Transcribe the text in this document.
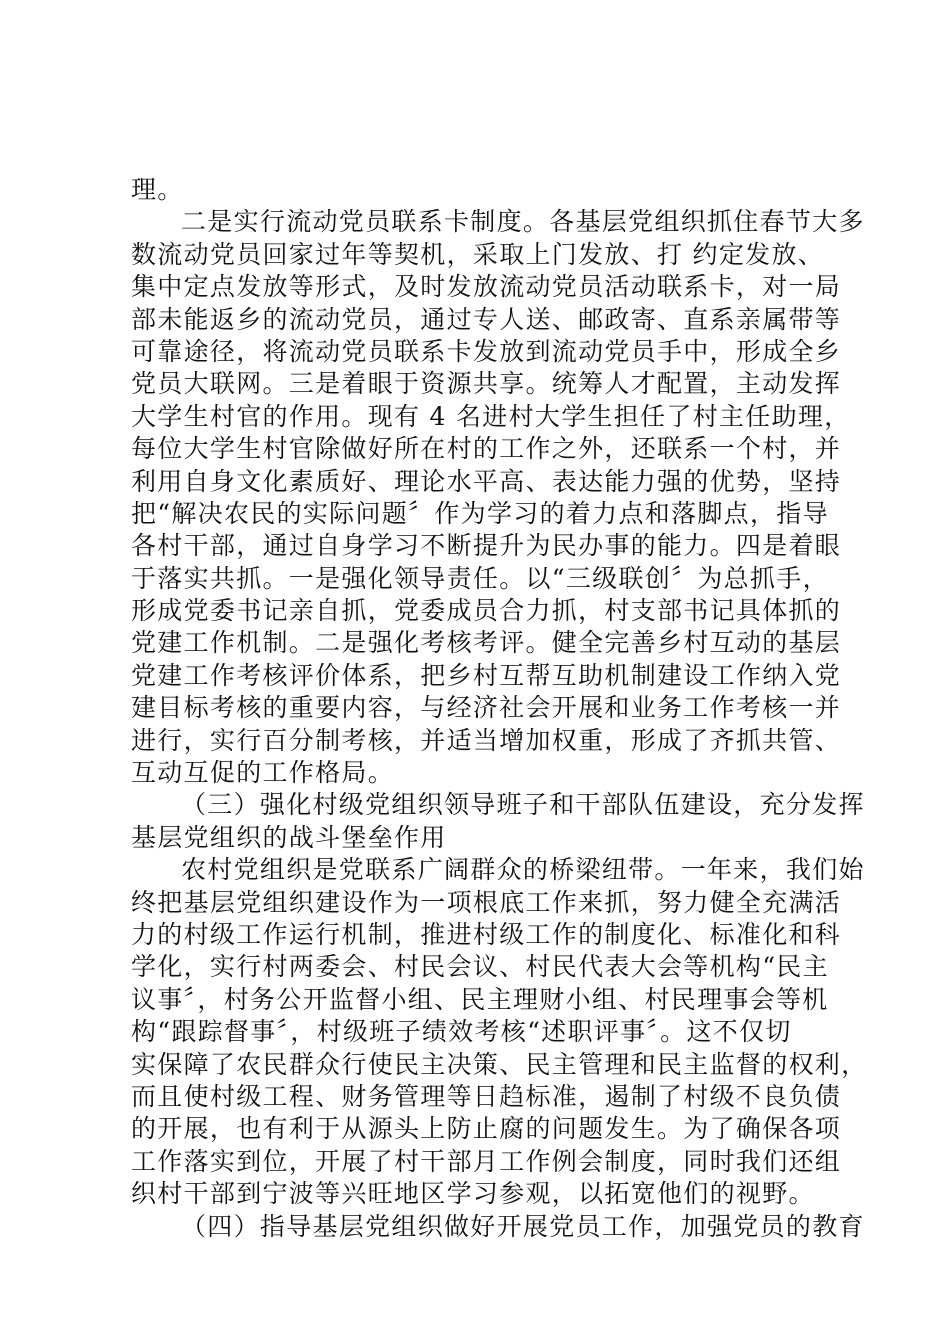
理。
二是实行流动党员联系卡制度。各基层党组织抓住春节大多
数流动党员回家过年等契机，采取上门发放、打 约定发放、
集中定点发放等形式，及时发放流动党员活动联系卡，对一局
部未能返乡的流动党员，通过专人送、邮政寄、直系亲属带等
可靠途径，将流动党员联系卡发放到流动党员手中，形成全乡
党员大联网。三是着眼于资源共享。统筹人才配置，主动发挥
大学生村官的作用。现有 4 名进村大学生担任了村主任助理，
每位大学生村官除做好所在村的工作之外，还联系一个村，并
利用自身文化素质好、理论水平高、表达能力强的优势，坚持
把“解决农民的实际问题〞作为学习的着力点和落脚点，指导
各村干部，通过自身学习不断提升为民办事的能力。四是着眼
于落实共抓。一是强化领导责任。以“三级联创〞为总抓手，
形成党委书记亲自抓，党委成员合力抓，村支部书记具体抓的
党建工作机制。二是强化考核考评。健全完善乡村互动的基层
党建工作考核评价体系，把乡村互帮互助机制建设工作纳入党
建目标考核的重要内容，与经济社会开展和业务工作考核一并
进行，实行百分制考核，并适当增加权重，形成了齐抓共管、
互动互促的工作格局。
（三）强化村级党组织领导班子和干部队伍建设，充分发挥
基层党组织的战斗堡垒作用
农村党组织是党联系广阔群众的桥梁纽带。一年来，我们始
终把基层党组织建设作为一项根底工作来抓，努力健全充满活
力的村级工作运行机制，推进村级工作的制度化、标准化和科
学化，实行村两委会、村民会议、村民代表大会等机构“民主
议事〞，村务公开监督小组、民主理财小组、村民理事会等机
构“跟踪督事〞，村级班子绩效考核“述职评事〞。这不仅切
实保障了农民群众行使民主决策、民主管理和民主监督的权利，
而且使村级工程、财务管理等日趋标准，遏制了村级不良负债
的开展，也有利于从源头上防止腐的问题发生。为了确保各项
工作落实到位，开展了村干部月工作例会制度，同时我们还组
织村干部到宁波等兴旺地区学习参观，以拓宽他们的视野。
（四）指导基层党组织做好开展党员工作，加强党员的教育
